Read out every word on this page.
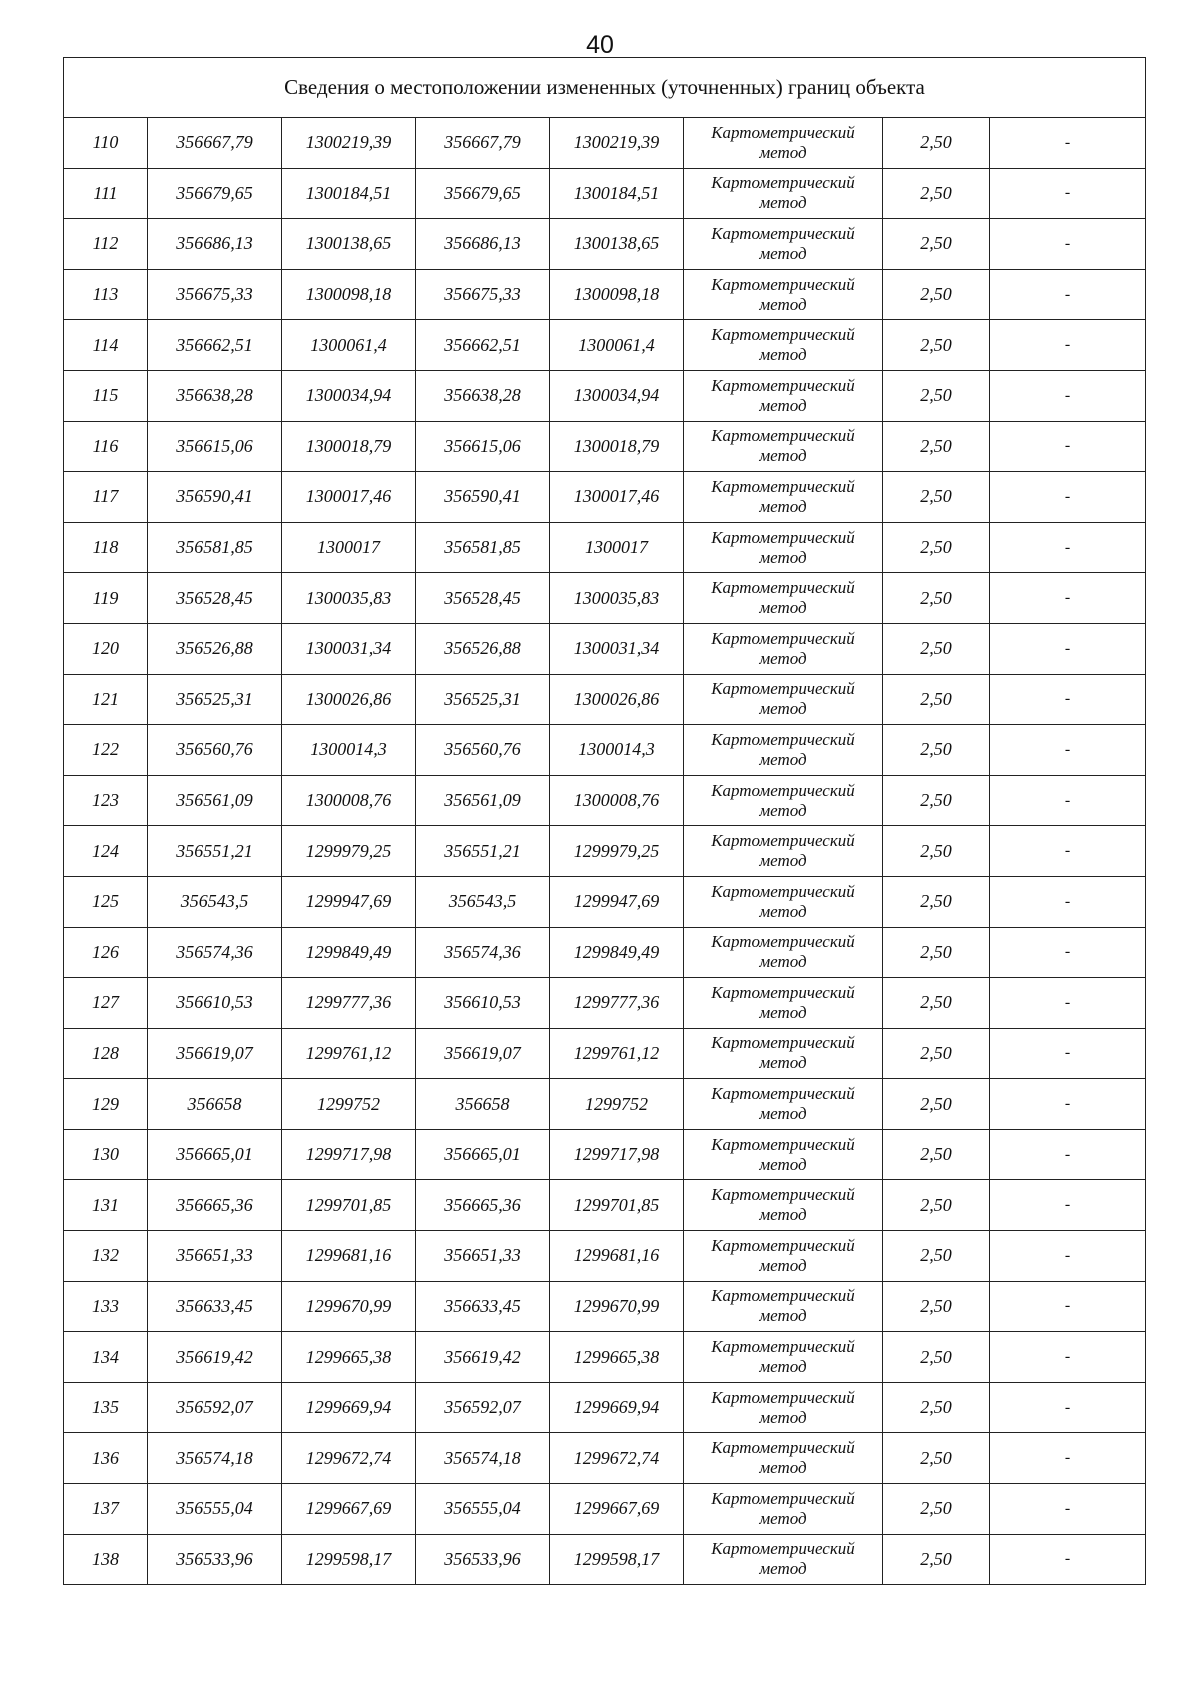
40
Сведения о местоположении измененных (уточненных) границ объекта							
110	356667,79	1300219,39	356667,79	1300219,39	Картометрический
метод	2,50	-
111	356679,65	1300184,51	356679,65	1300184,51	Картометрический
метод	2,50	-
112	356686,13	1300138,65	356686,13	1300138,65	Картометрический
метод	2,50	-
113	356675,33	1300098,18	356675,33	1300098,18	Картометрический
метод	2,50	-
114	356662,51	1300061,4	356662,51	1300061,4	Картометрический
метод	2,50	-
115	356638,28	1300034,94	356638,28	1300034,94	Картометрический
метод	2,50	-
116	356615,06	1300018,79	356615,06	1300018,79	Картометрический
метод	2,50	-
117	356590,41	1300017,46	356590,41	1300017,46	Картометрический
метод	2,50	-
118	356581,85	1300017	356581,85	1300017	Картометрический
метод	2,50	-
119	356528,45	1300035,83	356528,45	1300035,83	Картометрический
метод	2,50	-
120	356526,88	1300031,34	356526,88	1300031,34	Картометрический
метод	2,50	-
121	356525,31	1300026,86	356525,31	1300026,86	Картометрический
метод	2,50	-
122	356560,76	1300014,3	356560,76	1300014,3	Картометрический
метод	2,50	-
123	356561,09	1300008,76	356561,09	1300008,76	Картометрический
метод	2,50	-
124	356551,21	1299979,25	356551,21	1299979,25	Картометрический
метод	2,50	-
125	356543,5	1299947,69	356543,5	1299947,69	Картометрический
метод	2,50	-
126	356574,36	1299849,49	356574,36	1299849,49	Картометрический
метод	2,50	-
127	356610,53	1299777,36	356610,53	1299777,36	Картометрический
метод	2,50	-
128	356619,07	1299761,12	356619,07	1299761,12	Картометрический
метод	2,50	-
129	356658	1299752	356658	1299752	Картометрический
метод	2,50	-
130	356665,01	1299717,98	356665,01	1299717,98	Картометрический
метод	2,50	-
131	356665,36	1299701,85	356665,36	1299701,85	Картометрический
метод	2,50	-
132	356651,33	1299681,16	356651,33	1299681,16	Картометрический
метод	2,50	-
133	356633,45	1299670,99	356633,45	1299670,99	Картометрический
метод	2,50	-
134	356619,42	1299665,38	356619,42	1299665,38	Картометрический
метод	2,50	-
135	356592,07	1299669,94	356592,07	1299669,94	Картометрический
метод	2,50	-
136	356574,18	1299672,74	356574,18	1299672,74	Картометрический
метод	2,50	-
137	356555,04	1299667,69	356555,04	1299667,69	Картометрический
метод	2,50	-
138	356533,96	1299598,17	356533,96	1299598,17	Картометрический
метод	2,50	-
